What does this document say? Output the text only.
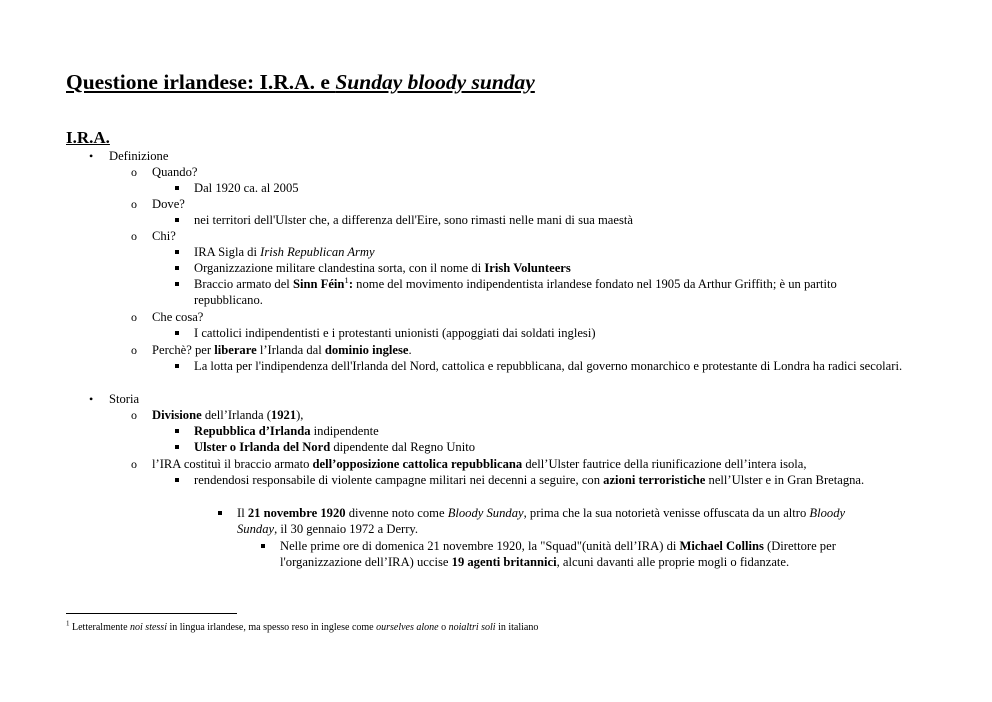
Questione irlandese: I.R.A. e Sunday bloody sunday
I.R.A.
• Definizione
o Quando?
Dal 1920 ca. al 2005
o Dove?
nei territori dell'Ulster che, a differenza dell'Eire, sono rimasti nelle mani di sua maestà
o Chi?
IRA Sigla di Irish Republican Army
Organizzazione militare clandestina sorta, con il nome di Irish Volunteers
Braccio armato del Sinn Féin$^1$: nome del movimento indipendentista irlandese fondato nel 1905 da Arthur Griffith; è un partito repubblicano.
o Che cosa?
I cattolici indipendentisti e i protestanti unionisti (appoggiati dai soldati inglesi)
o Perchè? per liberare l’Irlanda dal dominio inglese.
La lotta per l'indipendenza dell'Irlanda del Nord, cattolica e repubblicana, dal governo monarchico e protestante di Londra ha radici secolari.
• Storia
o Divisione dell’Irlanda (1921),
Repubblica d’Irlanda indipendente
Ulster o Irlanda del Nord dipendente dal Regno Unito
o l’IRA costituì il braccio armato dell’opposizione cattolica repubblicana dell’Ulster fautrice della riunificazione dell’intera isola,
rendendosi responsabile di violente campagne militari nei decenni a seguire, con azioni terroristiche nell’Ulster e in Gran Bretagna.
Il 21 novembre 1920 divenne noto come Bloody Sunday, prima che la sua notorietà venisse offuscata da un altro Bloody Sunday, il 30 gennaio 1972 a Derry.
Nelle prime ore di domenica 21 novembre 1920, la "Squad"(unità dell’IRA) di Michael Collins (Direttore per l'organizzazione dell’IRA) uccise 19 agenti britannici, alcuni davanti alle proprie mogli o fidanzate.
$^1$ Letteralmente noi stessi in lingua irlandese, ma spesso reso in inglese come ourselves alone o noialtri soli in italiano
